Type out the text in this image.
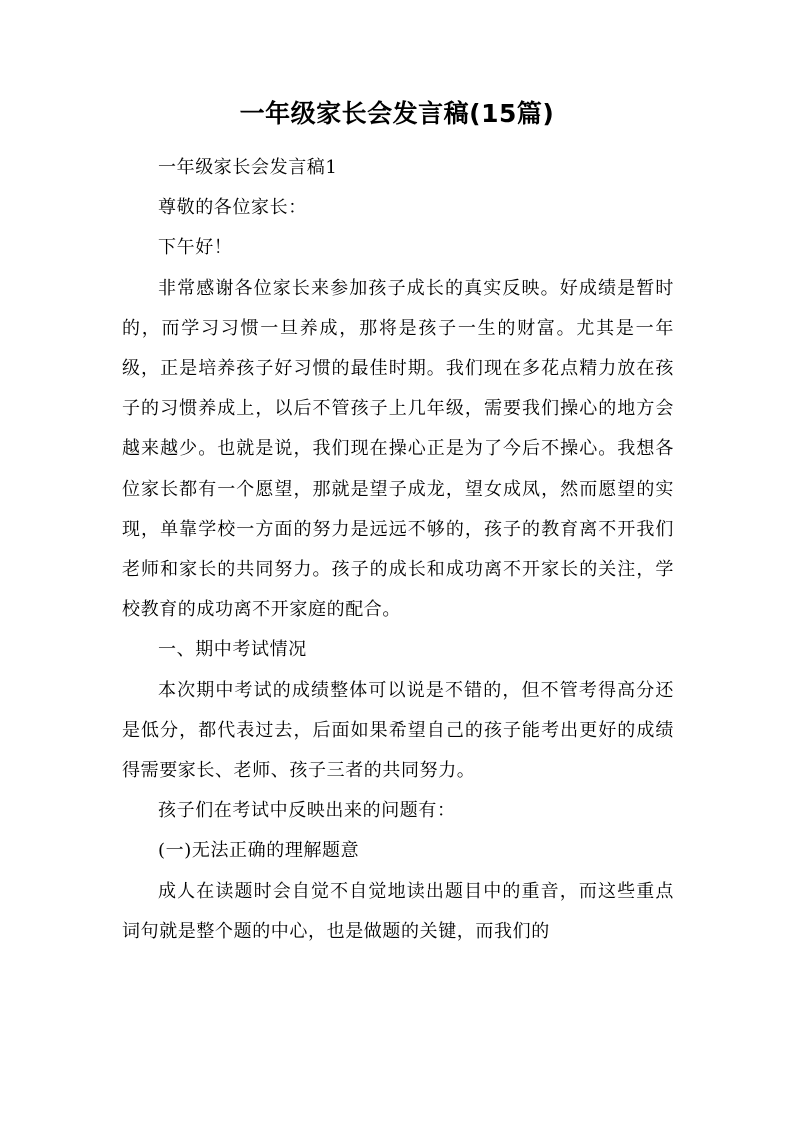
一年级家长会发言稿(15篇)

一年级家长会发言稿1

尊敬的各位家长：

下午好！

非常感谢各位家长来参加孩子成长的真实反映。好成绩是暂时的，而学习习惯一旦养成，那将是孩子一生的财富。尤其是一年级，正是培养孩子好习惯的最佳时期。我们现在多花点精力放在孩子的习惯养成上，以后不管孩子上几年级，需要我们操心的地方会越来越少。也就是说，我们现在操心正是为了今后不操心。我想各位家长都有一个愿望，那就是望子成龙，望女成凤，然而愿望的实现，单靠学校一方面的努力是远远不够的，孩子的教育离不开我们老师和家长的共同努力。孩子的成长和成功离不开家长的关注，学校教育的成功离不开家庭的配合。

一、期中考试情况

本次期中考试的成绩整体可以说是不错的，但不管考得高分还是低分，都代表过去，后面如果希望自己的孩子能考出更好的成绩得需要家长、老师、孩子三者的共同努力。

孩子们在考试中反映出来的问题有：

(一)无法正确的理解题意

成人在读题时会自觉不自觉地读出题目中的重音，而这些重点词句就是整个题的中心，也是做题的关键，而我们的
